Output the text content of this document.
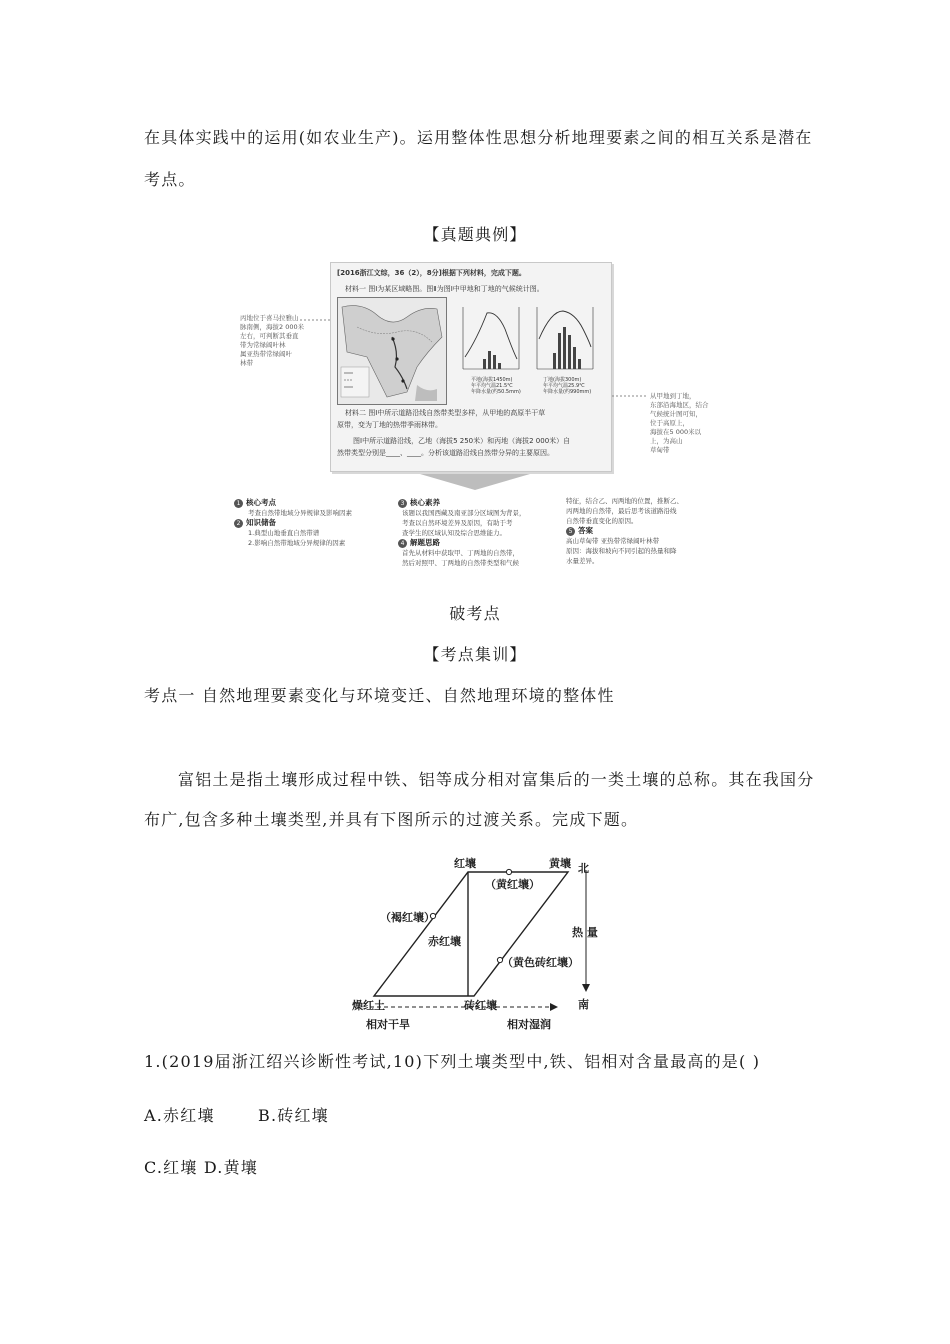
在具体实践中的运用(如农业生产)。运用整体性思想分析地理要素之间的相互关系是潜在
考点。
【真题典例】
[2016浙江文综，36（2），8分]根据下列材料，完成下题。
材料一 图Ⅰ为某区域略图。图Ⅱ为图Ⅰ中甲地和丁地的气候统计图。
平地(海拔1450m)
年平均气温21.5℃
年降水量(约50.5mm)
丁地(海拔300m)
年平均气温25.9℃
年降水量(约990mm)
材料二 图Ⅰ中所示道路沿线自然带类型多样，从甲地的高原半干草
原带，变为丁地的热带季雨林带。
图Ⅰ中所示道路沿线，乙地（海拔5 250米）和丙地（海拔2 000米）自
然带类型分别是____、____。分析该道路沿线自然带分异的主要原因。
丙地位于喜马拉雅山
脉南侧，海拔2 000米
左右，可判断其垂直
带为常绿阔叶林
属亚热带常绿阔叶
林带
从甲地到丁地，
东部沿海地区，结合
气候统计图可知，
位于高原上，
海拔在5 000米以
上，为高山
草甸带
1 核心考点
考查自然带地域分异规律及影响因素
2 知识储备
1.典型山地垂直自然带谱
2.影响自然带地域分异规律的因素
3 核心素养
该题以我国西藏及南亚部分区域图为背景，
考查以自然环境差异及原因，有助于考
查学生的区域认知及综合思维能力。
4 解题思路
首先从材料中获取甲、丁两地的自然带，
然后对照甲、丁两地的自然带类型和气候
特征，结合乙、丙两地的位置，推断乙、
丙两地的自然带，最后思考该道路沿线
自然带垂直变化的原因。
5 答案
高山草甸带 亚热带常绿阔叶林带
原因：海拔和坡向不同引起的热量和降
水量差异。
破考点
【考点集训】
考点一 自然地理要素变化与环境变迁、自然地理环境的整体性
富铝土是指土壤形成过程中铁、铝等成分相对富集后的一类土壤的总称。其在我国分
布广,包含多种土壤类型,并具有下图所示的过渡关系。完成下题。
红壤	黄壤
（黄红壤）
（褐红壤）
赤红壤
（黄色砖红壤）
燥红土	砖红壤
北
热 量
南
相对干旱	相对湿润
1.(2019届浙江绍兴诊断性考试,10)下列土壤类型中,铁、铝相对含量最高的是( )
A.赤红壤	B.砖红壤
C.红壤 D.黄壤
